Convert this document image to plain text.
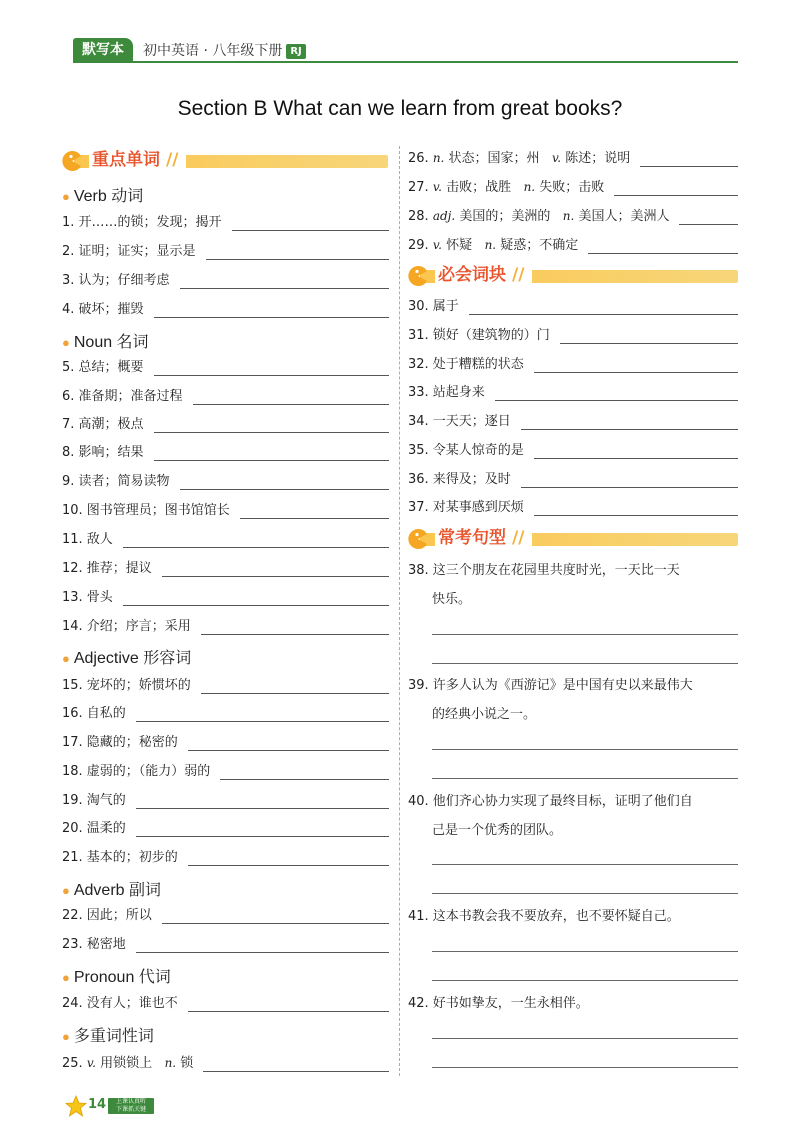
默写本	初中英语 · 八年级下册 RJ
Section B What can we learn from great books?
重点单词 //
● Verb 动词
1. 开……的锁；发现；揭开
2. 证明；证实；显示是
3. 认为；仔细考虑
4. 破坏；摧毁
● Noun 名词
5. 总结；概要
6. 准备期；准备过程
7. 高潮；极点
8. 影响；结果
9. 读者；简易读物
10. 图书管理员；图书馆馆长
11. 敌人
12. 推荐；提议
13. 骨头
14. 介绍；序言；采用
● Adjective 形容词
15. 宠坏的；娇惯坏的
16. 自私的
17. 隐藏的；秘密的
18. 虚弱的；（能力）弱的
19. 淘气的
20. 温柔的
21. 基本的；初步的
● Adverb 副词
22. 因此；所以
23. 秘密地
● Pronoun 代词
24. 没有人；谁也不
● 多重词性词
25. v. 用锁锁上 n. 锁
26. n. 状态；国家；州 v. 陈述；说明
27. v. 击败；战胜 n. 失败；击败
28. adj. 美国的；美洲的 n. 美国人；美洲人
29. v. 怀疑 n. 疑惑；不确定
必会词块 //
30. 属于
31. 锁好（建筑物的）门
32. 处于糟糕的状态
33. 站起身来
34. 一天天；逐日
35. 令某人惊奇的是
36. 来得及；及时
37. 对某事感到厌烦
常考句型 //
38. 这三个朋友在花园里共度时光，一天比一天
快乐。
39. 许多人认为《西游记》是中国有史以来最伟大
的经典小说之一。
40. 他们齐心协力实现了最终目标，证明了他们自
己是一个优秀的团队。
41. 这本书教会我不要放弃，也不要怀疑自己。
42. 好书如挚友，一生永相伴。
14	上课认真听
下课抓关键
